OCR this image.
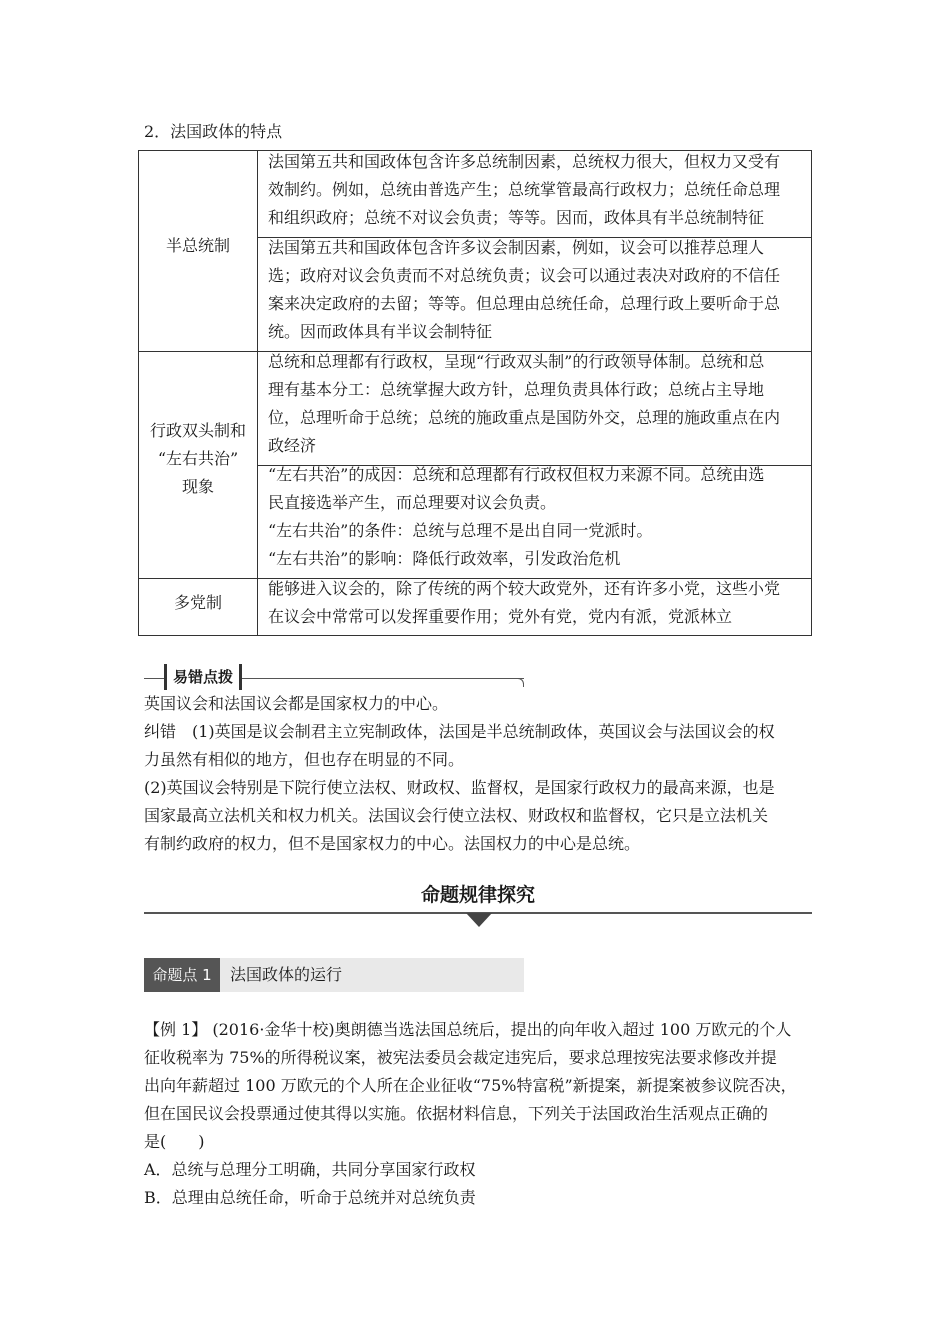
2．法国政体的特点
半总统制

法国第五共和国政体包含许多总统制因素，总统权力很大，但权力又受有

效制约。例如，总统由普选产生；总统掌管最高行政权力；总统任命总理

和组织政府；总统不对议会负责；等等。因而，政体具有半总统制特征

法国第五共和国政体包含许多议会制因素，例如，议会可以推荐总理人

选；政府对议会负责而不对总统负责；议会可以通过表决对政府的不信任

案来决定政府的去留；等等。但总理由总统任命，总理行政上要听命于总

统。因而政体具有半议会制特征

行政双头制和
“左右共治”
现象

总统和总理都有行政权，呈现“行政双头制”的行政领导体制。总统和总

理有基本分工：总统掌握大政方针，总理负责具体行政；总统占主导地

位，总理听命于总统；总统的施政重点是国防外交，总理的施政重点在内

政经济

“左右共治”的成因：总统和总理都有行政权但权力来源不同。总统由选

民直接选举产生，而总理要对议会负责。

“左右共治”的条件：总统与总理不是出自同一党派时。

“左右共治”的影响：降低行政效率，引发政治危机

多党制

能够进入议会的，除了传统的两个较大政党外，还有许多小党，这些小党

在议会中常常可以发挥重要作用；党外有党，党内有派，党派林立

易错点拨
英国议会和法国议会都是国家权力的中心。
纠错　(1)英国是议会制君主立宪制政体，法国是半总统制政体，英国议会与法国议会的权
力虽然有相似的地方，但也存在明显的不同。
(2)英国议会特别是下院行使立法权、财政权、监督权，是国家行政权力的最高来源，也是
国家最高立法机关和权力机关。法国议会行使立法权、财政权和监督权，它只是立法机关
有制约政府的权力，但不是国家权力的中心。法国权力的中心是总统。
命题规律探究
命题点 1	法国政体的运行
【例 1】 (2016·金华十校)奥朗德当选法国总统后，提出的向年收入超过 100 万欧元的个人
征收税率为 75%的所得税议案，被宪法委员会裁定违宪后，要求总理按宪法要求修改并提
出向年薪超过 100 万欧元的个人所在企业征收“75%特富税”新提案，新提案被参议院否决，
但在国民议会投票通过使其得以实施。依据材料信息，下列关于法国政治生活观点正确的
是(　　)
A．总统与总理分工明确，共同分享国家行政权
B．总理由总统任命，听命于总统并对总统负责
